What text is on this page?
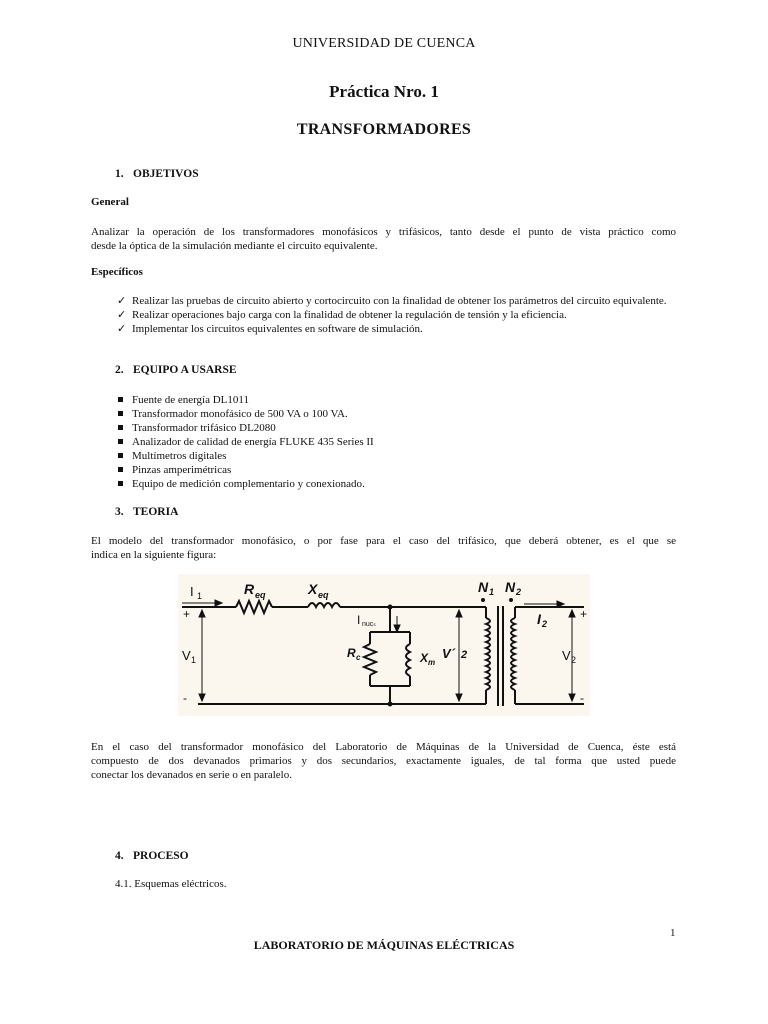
UNIVERSIDAD DE CUENCA
Práctica Nro. 1
TRANSFORMADORES
1. OBJETIVOS
General
Analizar la operación de los transformadores monofásicos y trifásicos, tanto desde el punto de vista práctico como
desde la óptica de la simulación mediante el circuito equivalente.
Específicos
✓ Realizar las pruebas de circuito abierto y cortocircuito con la finalidad de obtener los parámetros del circuito equivalente.
✓ Realizar operaciones bajo carga con la finalidad de obtener la regulación de tensión y la eficiencia.
✓ Implementar los circuitos equivalentes en software de simulación.
2. EQUIPO A USARSE
Fuente de energía DL1011
Transformador monofásico de 500 VA o 100 VA.
Transformador trifásico DL2080
Analizador de calidad de energía FLUKE 435 Series II
Multímetros digitales
Pinzas amperimétricas
Equipo de medición complementario y conexionado.
3. TEORIA
El modelo del transformador monofásico, o por fase para el caso del trifásico, que deberá obtener, es el que se
indica en la siguiente figura:
+
-
+
-
I 1	R eq	X eq	N 1 N 2
I nucₛ
R c	X m
V´ 2
I 2
V 1	V 2
En el caso del transformador monofásico del Laboratorio de Máquinas de la Universidad de Cuenca, éste está
compuesto de dos devanados primarios y dos secundarios, exactamente iguales, de tal forma que usted puede
conectar los devanados en serie o en paralelo.
4. PROCESO
4.1. Esquemas eléctricos.
1
LABORATORIO DE MÁQUINAS ELÉCTRICAS
